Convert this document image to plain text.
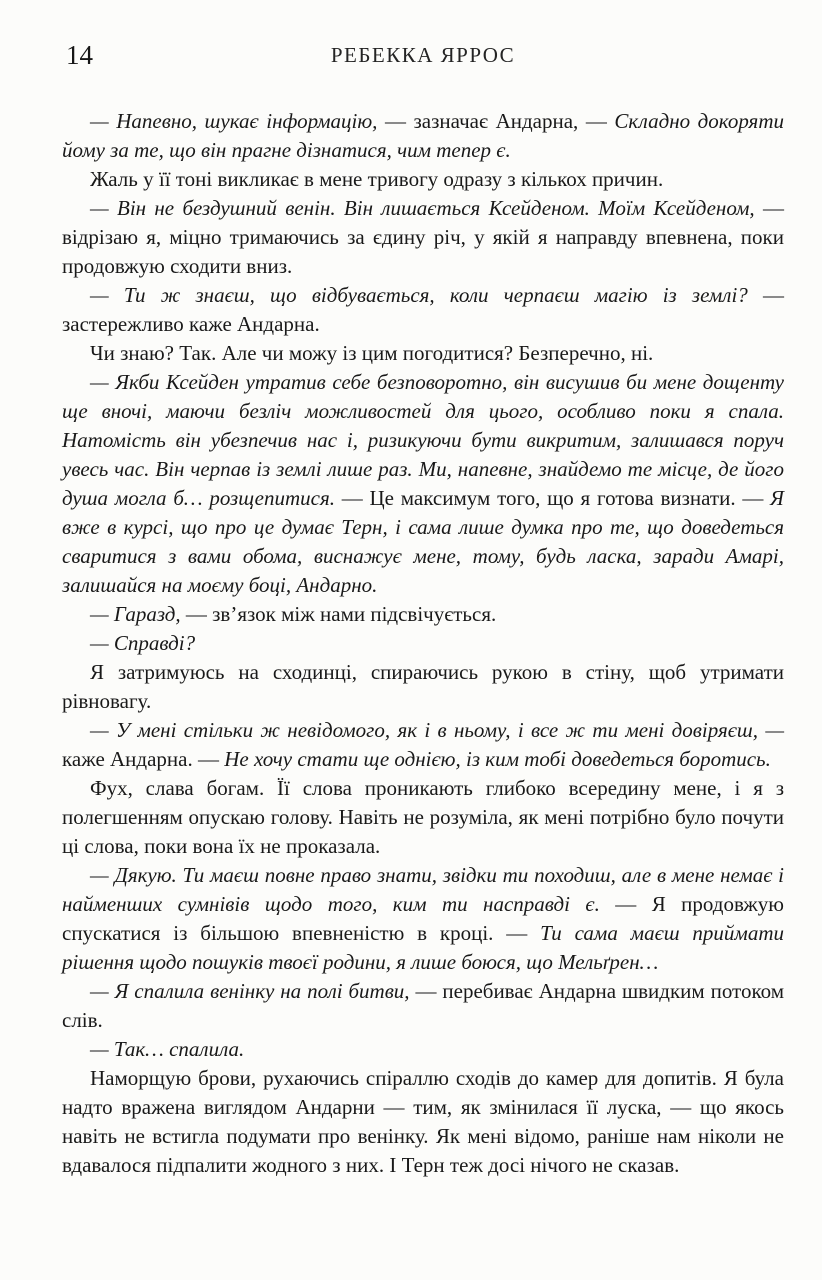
14	РЕБЕККА ЯРРОС

— Напевно, шукає інформацію, — зазначає Андарна, — Складно докоряти йому за те, що він прагне дізнатися, чим тепер є.

Жаль у її тоні викликає в мене тривогу одразу з кількох причин.

— Він не бездушний венін. Він лишається Ксейденом. Моїм Ксейденом, — відрізаю я, міцно тримаючись за єдину річ, у якій я направду впевнена, поки продовжую сходити вниз.

— Ти ж знаєш, що відбувається, коли черпаєш магію із землі? — застережливо каже Андарна.

Чи знаю? Так. Але чи можу із цим погодитися? Безперечно, ні.

— Якби Ксейден утратив себе безповоротно, він висушив би мене дощенту ще вночі, маючи безліч можливостей для цього, особливо поки я спала. Натомість він убезпечив нас і, ризикуючи бути викритим, залишався поруч увесь час. Він черпав із землі лише раз. Ми, напевне, знайдемо те місце, де його душа могла б… розщепитися. — Це максимум того, що я готова визнати. — Я вже в курсі, що про це думає Терн, і сама лише думка про те, що доведеться сваритися з вами обома, виснажує мене, тому, будь ласка, заради Амарі, залишайся на моєму боці, Андарно.

— Гаразд, — зв’язок між нами підсвічується.

— Справді?

Я затримуюсь на сходинці, спираючись рукою в стіну, щоб утримати рівновагу.

— У мені стільки ж невідомого, як і в ньому, і все ж ти мені довіряєш, — каже Андарна. — Не хочу стати ще однією, із ким тобі доведеться боротись.

Фух, слава богам. Її слова проникають глибоко всередину мене, і я з полегшенням опускаю голову. Навіть не розуміла, як мені потрібно було почути ці слова, поки вона їх не проказала.

— Дякую. Ти маєш повне право знати, звідки ти походиш, але в мене немає і найменших сумнівів щодо того, ким ти насправді є. — Я продовжую спускатися із більшою впевненістю в кроці. — Ти сама маєш приймати рішення щодо пошуків твоєї родини, я лише боюся, що Мельґрен…

— Я спалила венінку на полі битви, — перебиває Андарна швидким потоком слів.

— Так… спалила.

Наморщую брови, рухаючись спіраллю сходів до камер для допитів. Я була надто вражена виглядом Андарни — тим, як змінилася її луска, — що якось навіть не встигла подумати про венінку. Як мені відомо, раніше нам ніколи не вдавалося підпалити жодного з них. І Терн теж досі нічого не сказав.
